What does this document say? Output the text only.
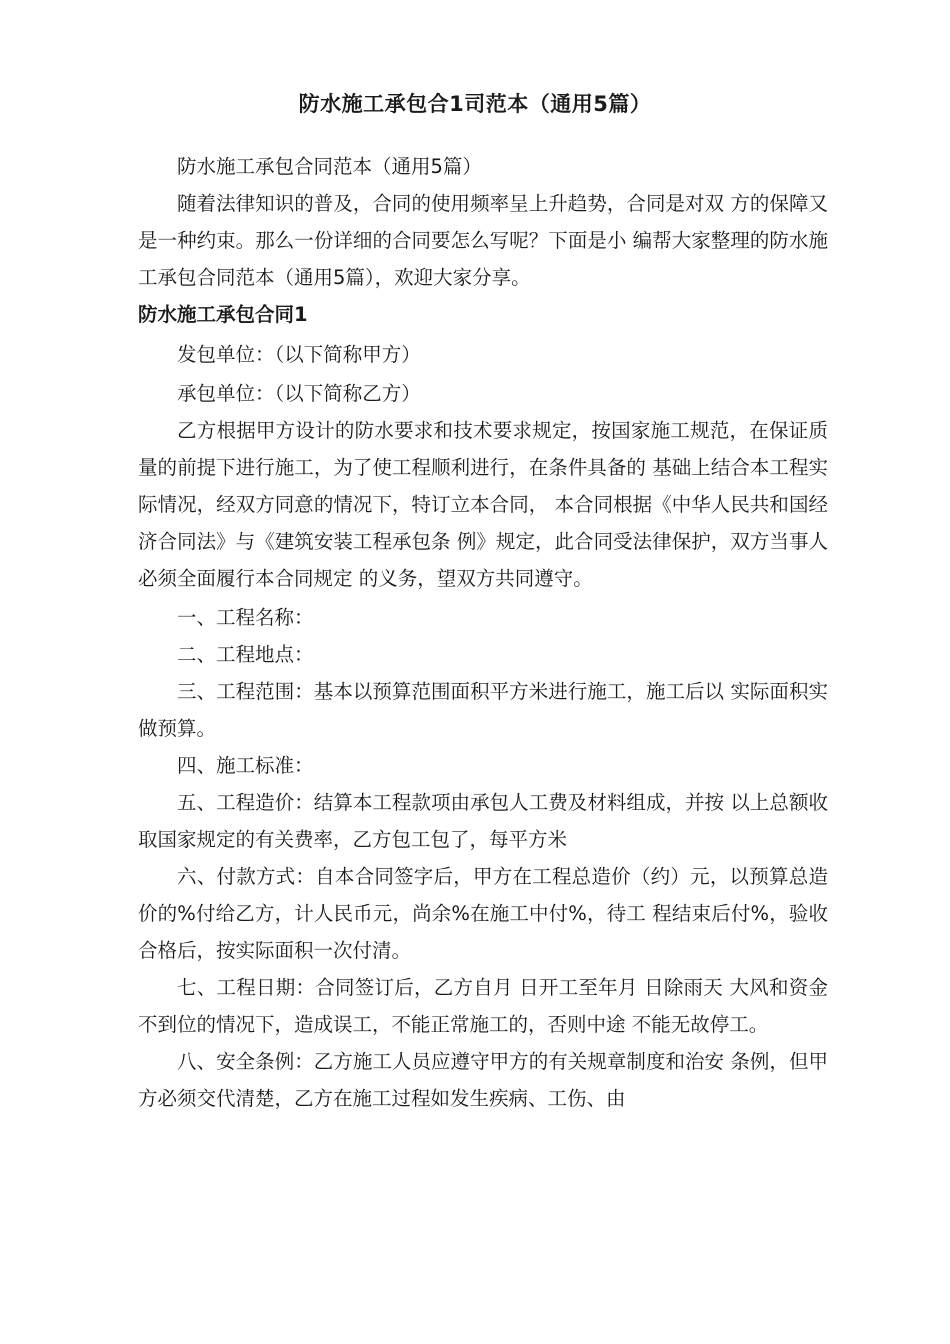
防水施工承包合1司范本（通用5篇）

防水施工承包合同范本（通用5篇）

随着法律知识的普及，合同的使用频率呈上升趋势，合同是对双 方的保障又是一种约束。那么一份详细的合同要怎么写呢？下面是小 编帮大家整理的防水施工承包合同范本（通用5篇），欢迎大家分享。

防水施工承包合同1

发包单位：（以下简称甲方）

承包单位：（以下简称乙方）

乙方根据甲方设计的防水要求和技术要求规定，按国家施工规范，在保证质量的前提下进行施工，为了使工程顺利进行，在条件具备的 基础上结合本工程实际情况，经双方同意的情况下，特订立本合同， 本合同根据《中华人民共和国经济合同法》与《建筑安装工程承包条 例》规定，此合同受法律保护，双方当事人必须全面履行本合同规定 的义务，望双方共同遵守。

一、工程名称：

二、工程地点：

三、工程范围：基本以预算范围面积平方米进行施工，施工后以 实际面积实做预算。

四、施工标准：

五、工程造价：结算本工程款项由承包人工费及材料组成，并按 以上总额收取国家规定的有关费率，乙方包工包了，每平方米

六、付款方式：自本合同签字后，甲方在工程总造价（约）元，以预算总造价的%付给乙方，计人民币元，尚余%在施工中付%，待工 程结束后付%，验收合格后，按实际面积一次付清。

七、工程日期：合同签订后，乙方自月 日开工至年月 日除雨天 大风和资金不到位的情况下，造成误工，不能正常施工的，否则中途 不能无故停工。

八、安全条例：乙方施工人员应遵守甲方的有关规章制度和治安 条例，但甲方必须交代清楚，乙方在施工过程如发生疾病、工伤、由
